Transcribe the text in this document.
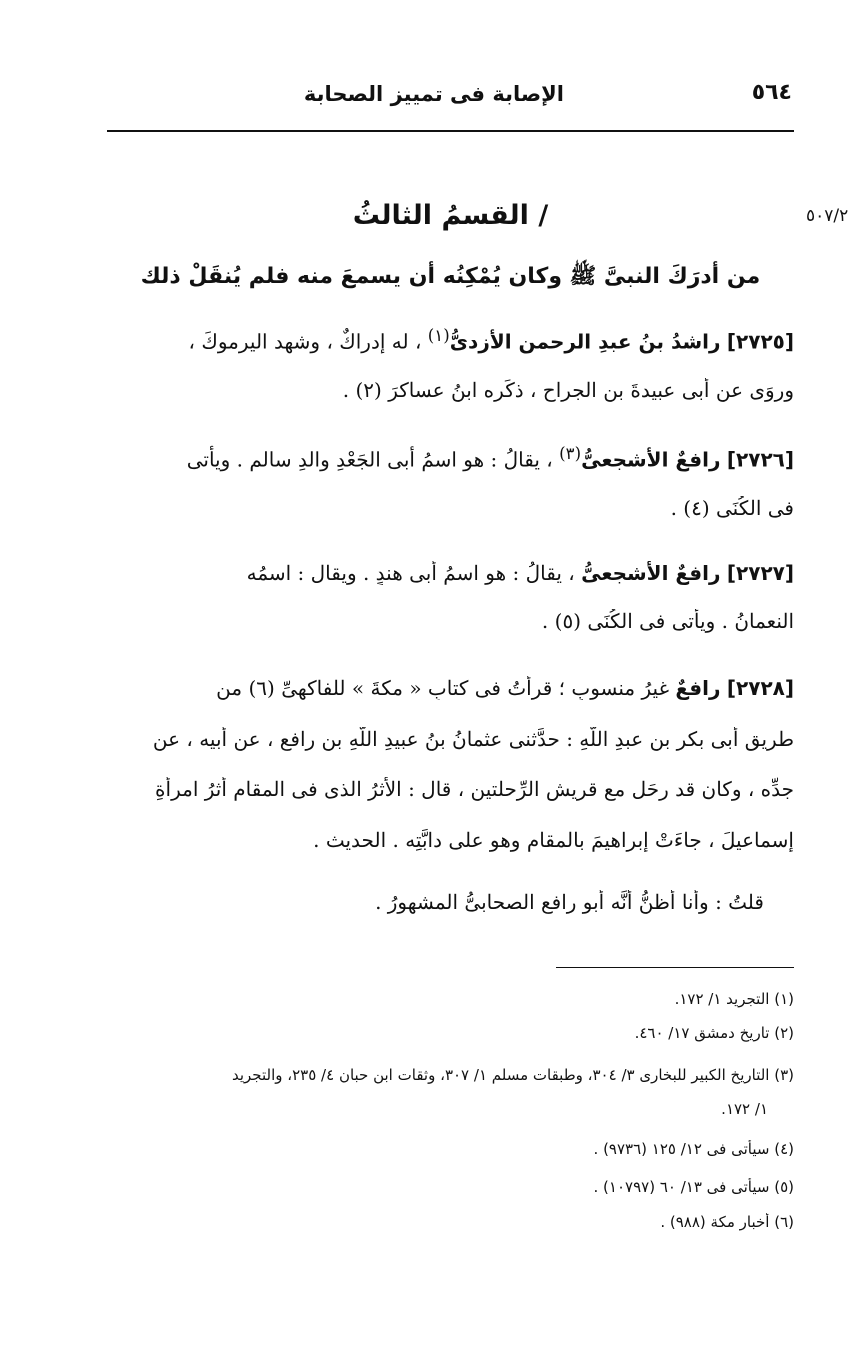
الإصابة فى تمييز الصحابة	٥٦٤
٥٠٧/٢
/ القسمُ الثالثُ
من أدرَكَ النبىَّ ﷺ وكان يُمْكِنُه أن يسمعَ منه فلم يُنقَلْ ذلك
[٢٧٢٥] راشدُ بنُ عبدِ الرحمنِ الأزدىُّ$^{(١)}$ ، له إدراكٌ ، وشهِد اليرموكَ ،
وروَى عن أبى عبيدةَ بنِ الجراحِ ، ذكَره ابنُ عساكرَ (٢) .
[٢٧٢٦] رافعٌ الأشجعىُّ$^{(٣)}$ ، يقالُ : هو اسمُ أبى الجَعْدِ والدِ سالمٍ . ويأتى
فى الكُنَى (٤) .
[٢٧٢٧] رافعٌ الأشجعىُّ ، يقالُ : هو اسمُ أبى هندٍ . ويقال : اسمُه
النعمانُ . ويأتى فى الكُنَى (٥) .
[٢٧٢٨] رافعٌ غيرُ منسوبٍ ؛ قرأتُ فى كتابِ « مكةَ » للفاكهىِّ (٦) من
طريقِ أبى بكرِ بنِ عبدِ اللَّهِ : حدَّثنى عثمانُ بنُ عبيدِ اللَّهِ بنِ رافعٍ ، عن أبيه ، عن
جدِّه ، وكان قد رحَل مع قريشٍ الرِّحلتينِ ، قال : الأثرُ الذى فى المقامِ أثرُ امرأةِ
إسماعيلَ ، جاءَتْ إبراهيمَ بالمقامِ وهو على دابَّتِه . الحديث .
قلتُ : وأنا أظنُّ أنَّه أبو رافعٍ الصحابىُّ المشهورُ .
(١) التجريد ١/ ١٧٢.
(٢) تاريخ دمشق ١٧/ ٤٦٠.
(٣) التاريخ الكبير للبخارى ٣/ ٣٠٤، وطبقات مسلم ١/ ٣٠٧، وثقات ابن حبان ٤/ ٢٣٥، والتجريد
١/ ١٧٢.
(٤) سيأتى فى ١٢/ ١٢٥ (٩٧٣٦) .
(٥) سيأتى فى ١٣/ ٦٠ (١٠٧٩٧) .
(٦) أخبار مكة (٩٨٨) .
